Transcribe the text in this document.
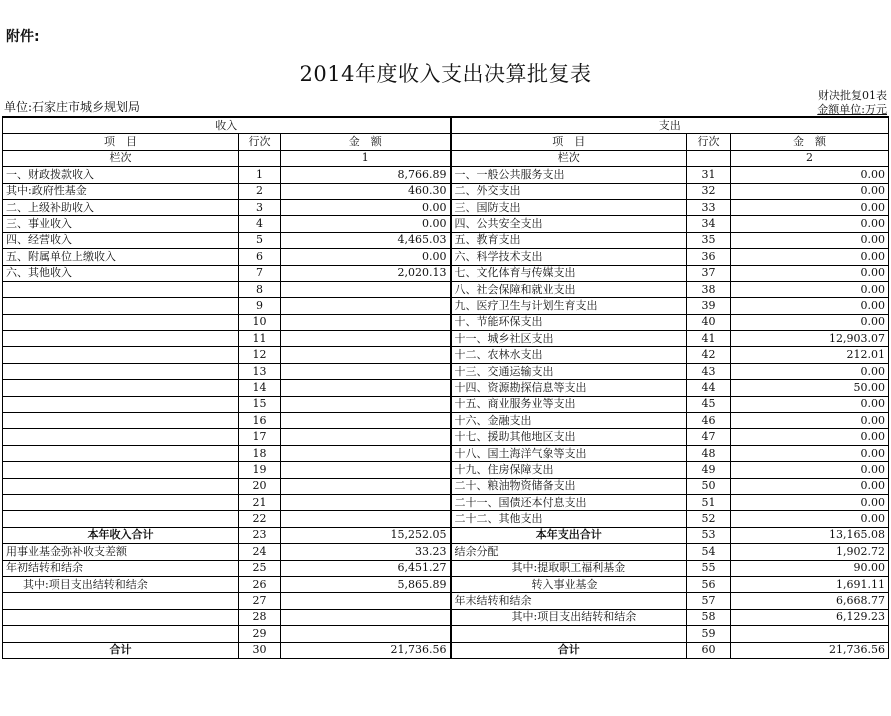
附件:
2014年度收入支出决算批复表
单位:石家庄市城乡规划局
财决批复01表
金额单位:万元
收入			支出		
项　目	行次	金　额	项　目	行次	金　额
栏次		1	栏次		2
一、财政拨款收入	1	8,766.89	一、一般公共服务支出	31	0.00
其中:政府性基金	2	460.30	二、外交支出	32	0.00
二、上级补助收入	3	0.00	三、国防支出	33	0.00
三、事业收入	4	0.00	四、公共安全支出	34	0.00
四、经营收入	5	4,465.03	五、教育支出	35	0.00
五、附属单位上缴收入	6	0.00	六、科学技术支出	36	0.00
六、其他收入	7	2,020.13	七、文化体育与传媒支出	37	0.00
	8		八、社会保障和就业支出	38	0.00
	9		九、医疗卫生与计划生育支出	39	0.00
	10		十、节能环保支出	40	0.00
	11		十一、城乡社区支出	41	12,903.07
	12		十二、农林水支出	42	212.01
	13		十三、交通运输支出	43	0.00
	14		十四、资源勘探信息等支出	44	50.00
	15		十五、商业服务业等支出	45	0.00
	16		十六、金融支出	46	0.00
	17		十七、援助其他地区支出	47	0.00
	18		十八、国土海洋气象等支出	48	0.00
	19		十九、住房保障支出	49	0.00
	20		二十、粮油物资储备支出	50	0.00
	21		二十一、国债还本付息支出	51	0.00
	22		二十二、其他支出	52	0.00
本年收入合计	23	15,252.05	本年支出合计	53	13,165.08
用事业基金弥补收支差额	24	33.23	结余分配	54	1,902.72
年初结转和结余	25	6,451.27	其中:提取职工福利基金	55	90.00
其中:项目支出结转和结余	26	5,865.89	转入事业基金	56	1,691.11
	27		年末结转和结余	57	6,668.77
	28		其中:项目支出结转和结余	58	6,129.23
	29			59	
合计	30	21,736.56	合计	60	21,736.56
